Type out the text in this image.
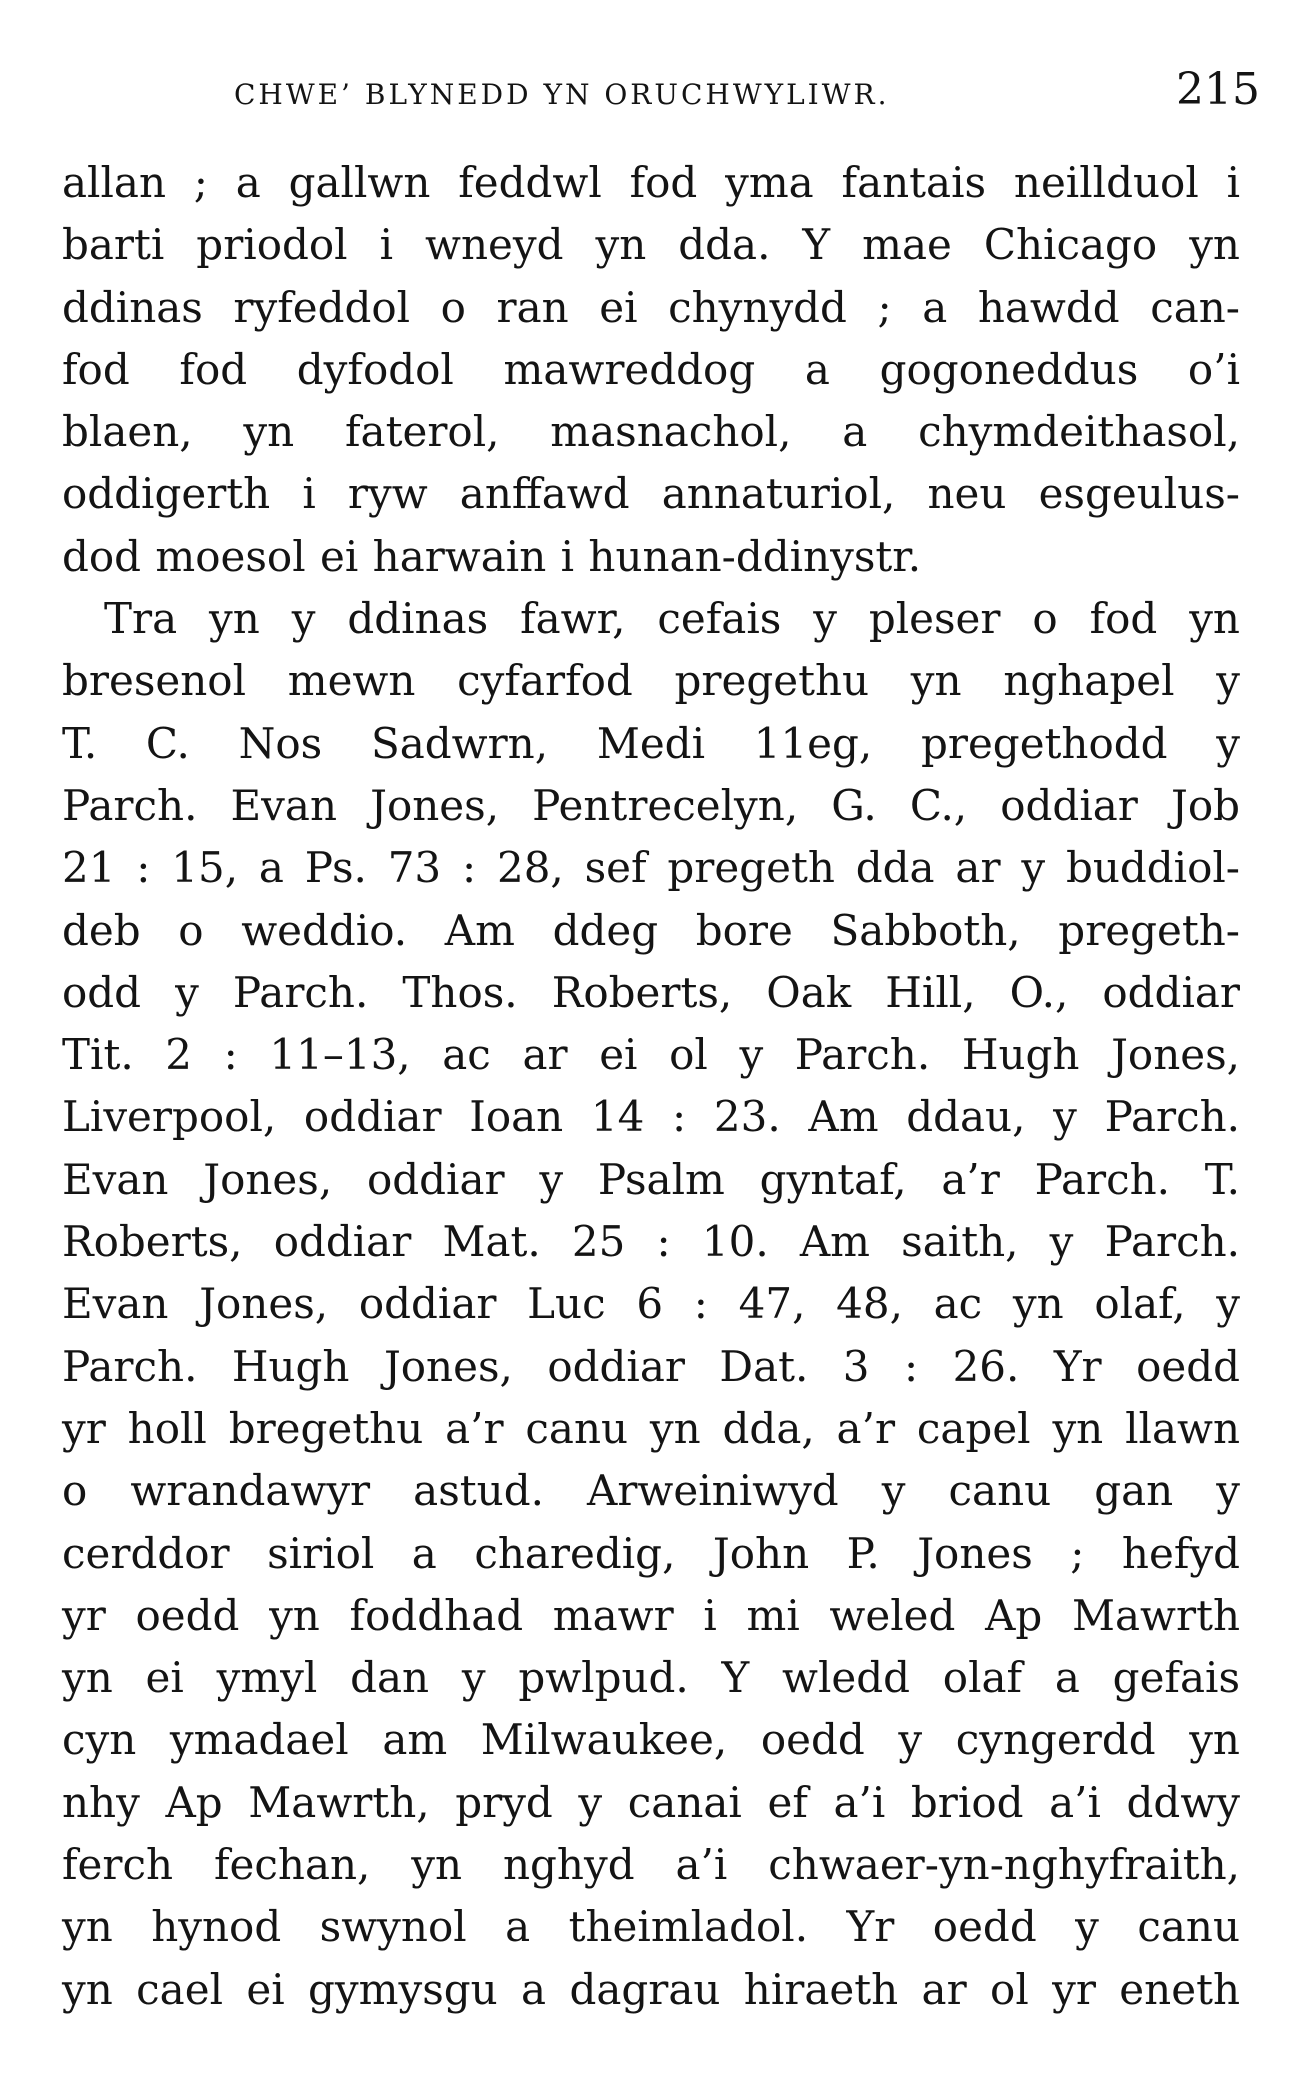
CHWE’ BLYNEDD YN ORUCHWYLIWR.	215
allan ; a gallwn feddwl fod yma fantais neillduol i
barti priodol i wneyd yn dda. Y mae Chicago yn
ddinas ryfeddol o ran ei chynydd ; a hawdd can-
fod fod dyfodol mawreddog a gogoneddus o’i
blaen, yn faterol, masnachol, a chymdeithasol,
oddigerth i ryw anffawd annaturiol, neu esgeulus-
dod moesol ei harwain i hunan-ddinystr.
Tra yn y ddinas fawr, cefais y pleser o fod yn
bresenol mewn cyfarfod pregethu yn nghapel y
T. C. Nos Sadwrn, Medi 11eg, pregethodd y
Parch. Evan Jones, Pentrecelyn, G. C., oddiar Job
21 : 15, a Ps. 73 : 28, sef pregeth dda ar y buddiol-
deb o weddio. Am ddeg bore Sabboth, pregeth-
odd y Parch. Thos. Roberts, Oak Hill, O., oddiar
Tit. 2 : 11–13, ac ar ei ol y Parch. Hugh Jones,
Liverpool, oddiar Ioan 14 : 23. Am ddau, y Parch.
Evan Jones, oddiar y Psalm gyntaf, a’r Parch. T.
Roberts, oddiar Mat. 25 : 10. Am saith, y Parch.
Evan Jones, oddiar Luc 6 : 47, 48, ac yn olaf, y
Parch. Hugh Jones, oddiar Dat. 3 : 26. Yr oedd
yr holl bregethu a’r canu yn dda, a’r capel yn llawn
o wrandawyr astud. Arweiniwyd y canu gan y
cerddor siriol a charedig, John P. Jones ; hefyd
yr oedd yn foddhad mawr i mi weled Ap Mawrth
yn ei ymyl dan y pwlpud. Y wledd olaf a gefais
cyn ymadael am Milwaukee, oedd y cyngerdd yn
nhy Ap Mawrth, pryd y canai ef a’i briod a’i ddwy
ferch fechan, yn nghyd a’i chwaer-yn-nghyfraith,
yn hynod swynol a theimladol. Yr oedd y canu
yn cael ei gymysgu a dagrau hiraeth ar ol yr eneth
